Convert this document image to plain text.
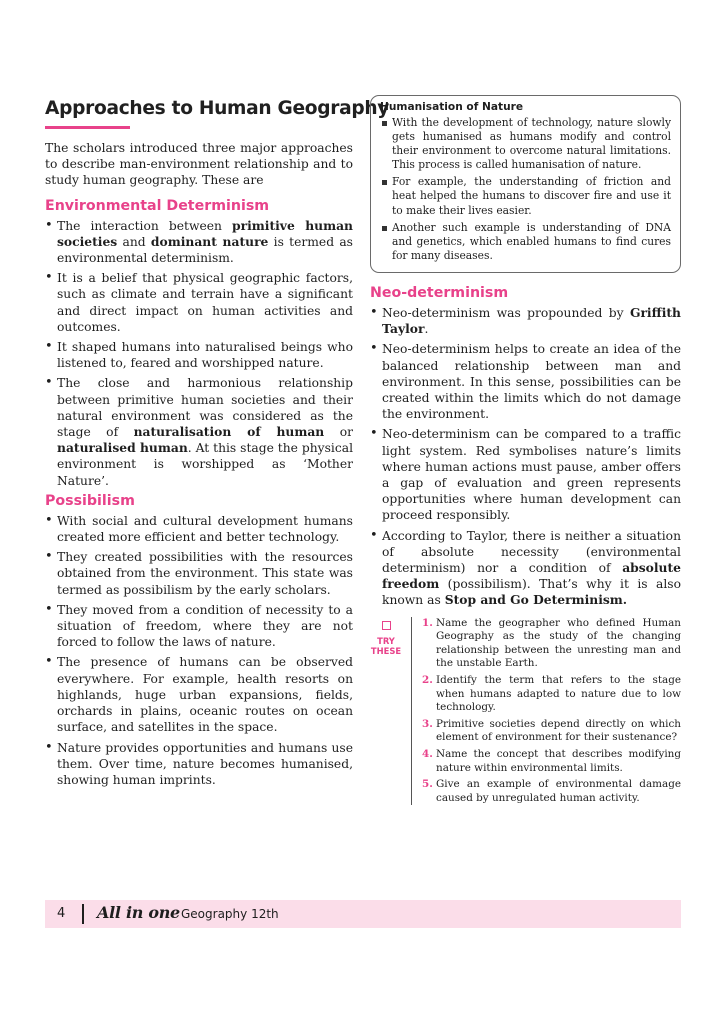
Approaches to Human Geography

The scholars introduced three major approaches to describe man-environment relationship and to study human geography. These are

Environmental Determinism
• The interaction between primitive human societies and dominant nature is termed as environmental determinism.
• It is a belief that physical geographic factors, such as climate and terrain have a significant and direct impact on human activities and outcomes.
• It shaped humans into naturalised beings who listened to, feared and worshipped nature.
• The close and harmonious relationship between primitive human societies and their natural environment was considered as the stage of naturalisation of human or naturalised human. At this stage the physical environment is worshipped as ‘Mother Nature’.
Possibilism
• With social and cultural development humans created more efficient and better technology.
• They created possibilities with the resources obtained from the environment. This state was termed as possibilism by the early scholars.
• They moved from a condition of necessity to a situation of freedom, where they are not forced to follow the laws of nature.
• The presence of humans can be observed everywhere. For example, health resorts on highlands, huge urban expansions, fields, orchards in plains, oceanic routes on ocean surface, and satellites in the space.
• Nature provides opportunities and humans use them. Over time, nature becomes humanised, showing human imprints.
Humanisation of Nature
With the development of technology, nature slowly gets humanised as humans modify and control their environment to overcome natural limitations. This process is called humanisation of nature.
For example, the understanding of friction and heat helped the humans to discover fire and use it to make their lives easier.
Another such example is understanding of DNA and genetics, which enabled humans to find cures for many diseases.
Neo-determinism
• Neo-determinism was propounded by Griffith Taylor.
• Neo-determinism helps to create an idea of the balanced relationship between man and environment. In this sense, possibilities can be created within the limits which do not damage the environment.
• Neo-determinism can be compared to a traffic light system. Red symbolises nature’s limits where human actions must pause, amber offers a gap of evaluation and green represents opportunities where human development can proceed responsibly.
• According to Taylor, there is neither a situation of absolute necessity (environmental determinism) nor a condition of absolute freedom (possibilism). That’s why it is also known as Stop and Go Determinism.
TRY
THESE
1. Name the geographer who defined Human Geography as the study of the changing relationship between the unresting man and the unstable Earth.
2. Identify the term that refers to the stage when humans adapted to nature due to low technology.
3. Primitive societies depend directly on which element of environment for their sustenance?
4. Name the concept that describes modifying nature within environmental limits.
5. Give an example of environmental damage caused by unregulated human activity.
4 All in one Geography 12th
